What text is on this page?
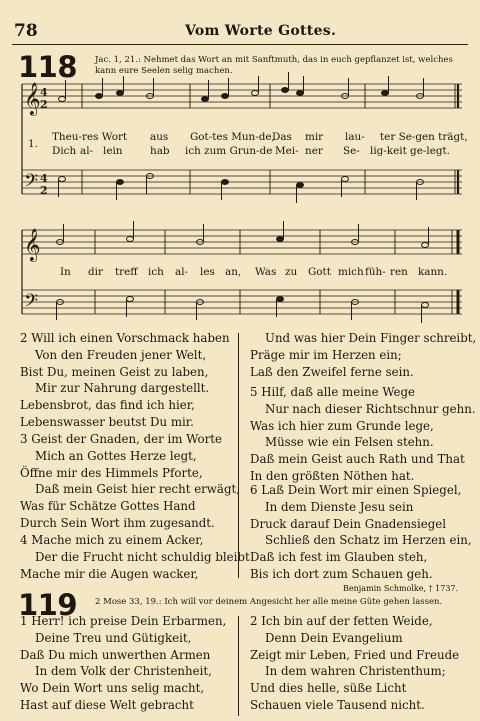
78	Vom Worte Gottes.
118 Jac. 1, 21.: Nehmet das Wort an mit Sanftmuth, das in euch gepflanzet ist, welches kann eure Seelen selig machen.
𝄞 4
2
𝄢 4
2
𝄞
𝄢
1.
Theu-res Wort aus Got-tes Mun-de,
Das mir lau- ter Se-gen trägt,
Dich al- lein	hab ich zum Grun-de Mei- ner Se- lig-keit ge-legt.
In dir treff ich al- les an, Was zu Gott mich füh- ren kann.
2 Will ich einen Vorschmack haben
Von den Freuden jener Welt,
Bist Du, meinen Geist zu laben,
Mir zur Nahrung dargestellt.
Lebensbrot, das find ich hier,
Lebenswasser beutst Du mir.
3 Geist der Gnaden, der im Worte
Mich an Gottes Herze legt,
Öffne mir des Himmels Pforte,
Daß mein Geist hier recht erwägt,
Was für Schätze Gottes Hand
Durch Sein Wort ihm zugesandt.
4 Mache mich zu einem Acker,
Der die Frucht nicht schuldig bleibt
Mache mir die Augen wacker,
Und was hier Dein Finger schreibt,
Präge mir im Herzen ein;
Laß den Zweifel ferne sein.
5 Hilf, daß alle meine Wege
Nur nach dieser Richtschnur gehn.
Was ich hier zum Grunde lege,
Müsse wie ein Felsen stehn.
Daß mein Geist auch Rath und That
In den größten Nöthen hat.
6 Laß Dein Wort mir einen Spiegel,
In dem Dienste Jesu sein
Druck darauf Dein Gnadensiegel
Schließ den Schatz im Herzen ein,
Daß ich fest im Glauben steh,
Bis ich dort zum Schauen geh.
Benjamin Schmolke, † 1737.
119 2 Mose 33, 19.: Ich will vor deinem Angesicht her alle meine Güte gehen lassen.
1 Herr! ich preise Dein Erbarmen,
Deine Treu und Gütigkeit,
Daß Du mich unwerthen Armen
In dem Volk der Christenheit,
Wo Dein Wort uns selig macht,
Hast auf diese Welt gebracht
2 Ich bin auf der fetten Weide,
Denn Dein Evangelium
Zeigt mir Leben, Fried und Freude
In dem wahren Christenthum;
Und dies helle, süße Licht
Schauen viele Tausend nicht.
